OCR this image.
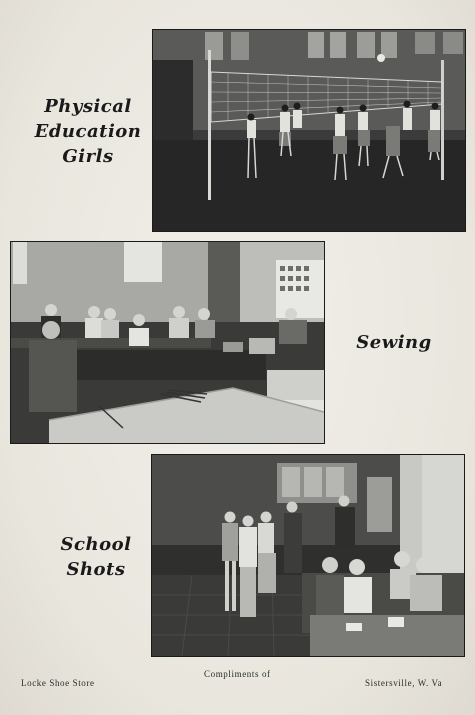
Physical
Education
Girls
Sewing
School
Shots
Locke Shoe Store
Compliments of
Sistersville, W. Va
